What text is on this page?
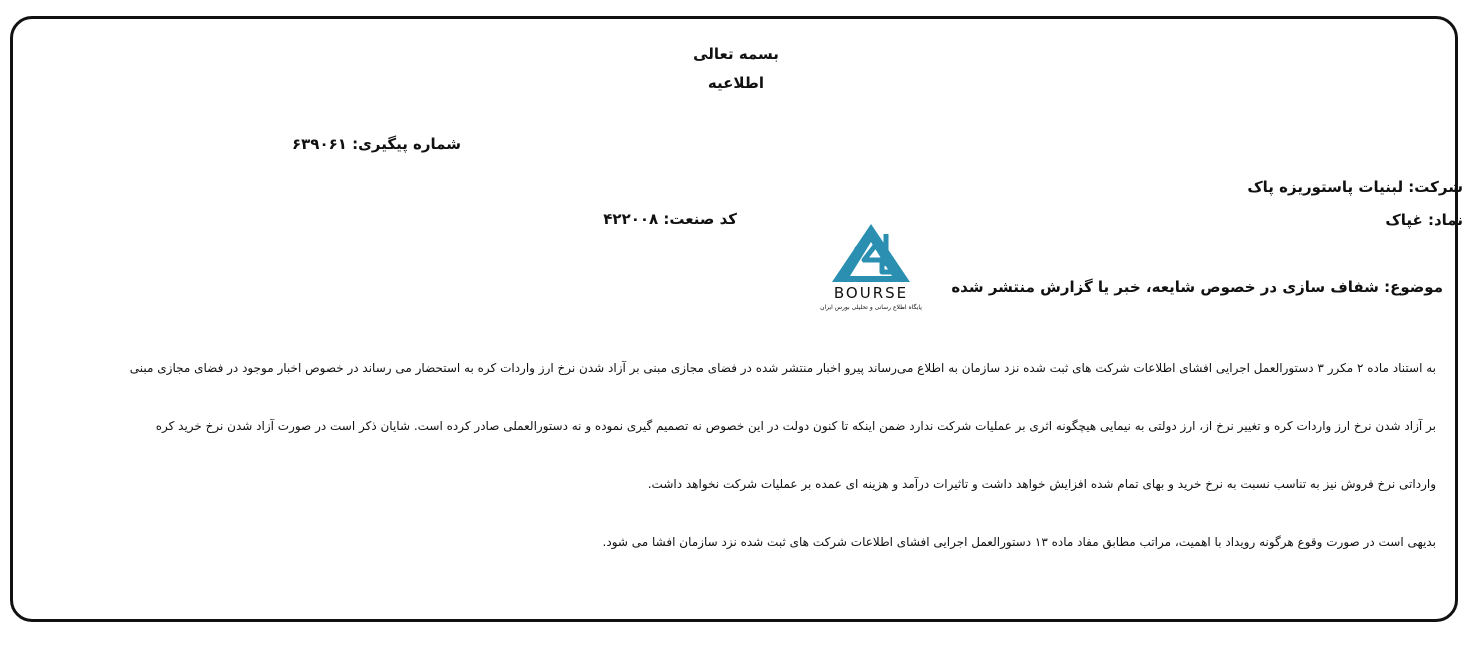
بسمه تعالی
اطلاعیه
شماره پیگیری: ۶۳۹۰۶۱
شرکت: لبنیات پاستوریزه پاک
نماد: غپاک
کد صنعت: ۴۲۲۰۰۸
BOURSE
پایگاه اطلاع رسانی و تحلیلی بورس ایران
موضوع: شفاف سازی در خصوص شایعه، خبر یا گزارش منتشر شده
به استناد ماده ۲ مکرر ۳ دستورالعمل اجرایی افشای اطلاعات شرکت های ثبت شده نزد سازمان به اطلاع می‌رساند پیرو اخبار منتشر شده در فضای مجازی مبنی بر آزاد شدن نرخ ارز واردات کره به استحضار می رساند در خصوص اخبار موجود در فضای مجازی مبنی
بر آزاد شدن نرخ ارز واردات کره و تغییر نرخ از، ارز دولتی به نیمایی هیچگونه اثری بر عملیات شرکت ندارد ضمن اینکه تا کنون دولت در این خصوص نه تصمیم گیری نموده و نه دستورالعملی صادر کرده است. شایان ذکر است در صورت آزاد شدن نرخ خرید کره
وارداتی نرخ فروش نیز به تناسب نسبت به نرخ خرید و بهای تمام شده افزایش خواهد داشت و تاثیرات درآمد و هزینه ای عمده بر عملیات شرکت نخواهد داشت.
بدیهی است در صورت وقوع هرگونه رویداد با اهمیت، مراتب مطابق مفاد ماده ۱۳ دستورالعمل اجرایی افشای اطلاعات شرکت های ثبت شده نزد سازمان افشا می شود.
